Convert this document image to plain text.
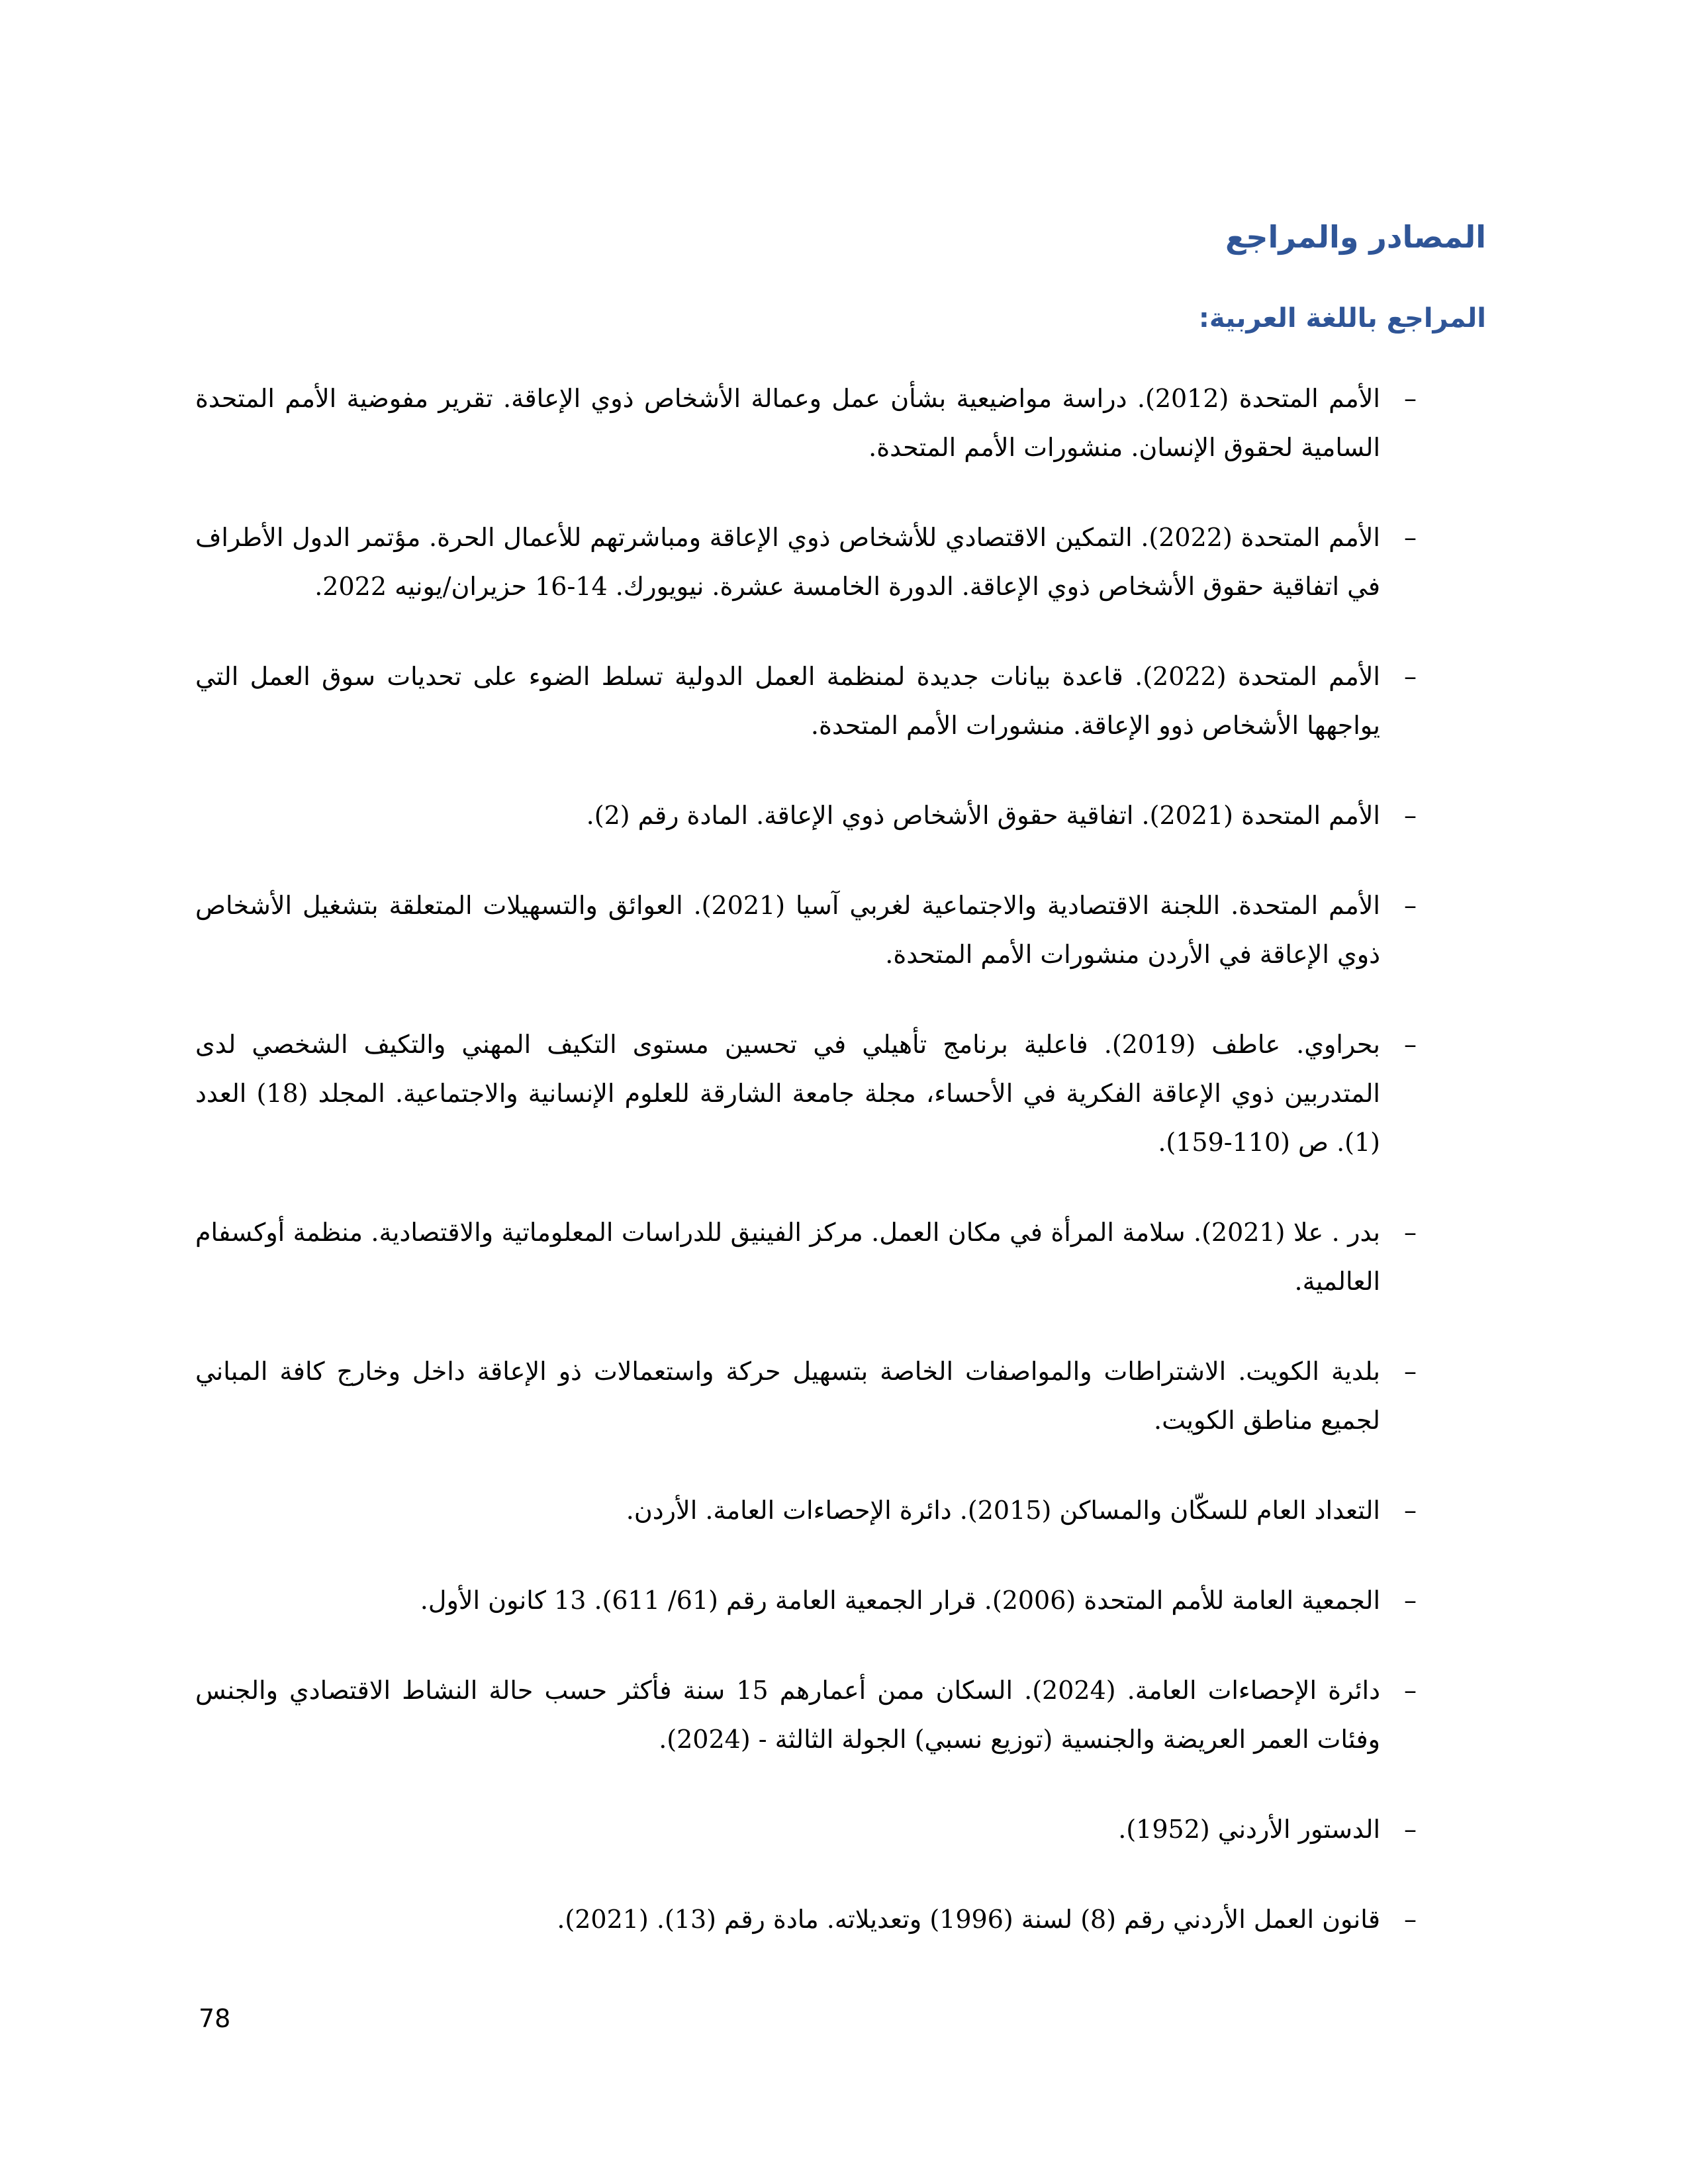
المصادر والمراجع
المراجع باللغة العربية:
–
الأمم المتحدة (2012). دراسة مواضيعية بشأن عمل وعمالة الأشخاص ذوي الإعاقة. تقرير مفوضية الأمم المتحدة السامية لحقوق الإنسان. منشورات الأمم المتحدة.
–
الأمم المتحدة (2022). التمكين الاقتصادي للأشخاص ذوي الإعاقة ومباشرتهم للأعمال الحرة. مؤتمر الدول الأطراف في اتفاقية حقوق الأشخاص ذوي الإعاقة. الدورة الخامسة عشرة. نيويورك. 14-16 حزيران/يونيه 2022.
–
الأمم المتحدة (2022). قاعدة بيانات جديدة لمنظمة العمل الدولية تسلط الضوء على تحديات سوق العمل التي يواجهها الأشخاص ذوو الإعاقة. منشورات الأمم المتحدة.
–
الأمم المتحدة (2021). اتفاقية حقوق الأشخاص ذوي الإعاقة. المادة رقم (2).
–
الأمم المتحدة. اللجنة الاقتصادية والاجتماعية لغربي آسيا (2021). العوائق والتسهيلات المتعلقة بتشغيل الأشخاص ذوي الإعاقة في الأردن منشورات الأمم المتحدة.
–
بحراوي. عاطف (2019). فاعلية برنامج تأهيلي في تحسين مستوى التكيف المهني والتكيف الشخصي لدى المتدربين ذوي الإعاقة الفكرية في الأحساء، مجلة جامعة الشارقة للعلوم الإنسانية والاجتماعية. المجلد (18) العدد (1). ص (110-159).
–
بدر . علا (2021). سلامة المرأة في مكان العمل. مركز الفينيق للدراسات المعلوماتية والاقتصادية. منظمة أوكسفام العالمية.
–
بلدية الكويت. الاشتراطات والمواصفات الخاصة بتسهيل حركة واستعمالات ذو الإعاقة داخل وخارج كافة المباني لجميع مناطق الكويت.
–
التعداد العام للسكّان والمساكن (2015). دائرة الإحصاءات العامة. الأردن.
–
الجمعية العامة للأمم المتحدة (2006). قرار الجمعية العامة رقم (61/ 611). 13 كانون الأول.
–
دائرة الإحصاءات العامة. (2024). السكان ممن أعمارهم 15 سنة فأكثر حسب حالة النشاط الاقتصادي والجنس وفئات العمر العريضة والجنسية (توزيع نسبي) الجولة الثالثة - (2024).
–
الدستور الأردني (1952).
–
قانون العمل الأردني رقم (8) لسنة (1996) وتعديلاته. مادة رقم (13). (2021).
78
